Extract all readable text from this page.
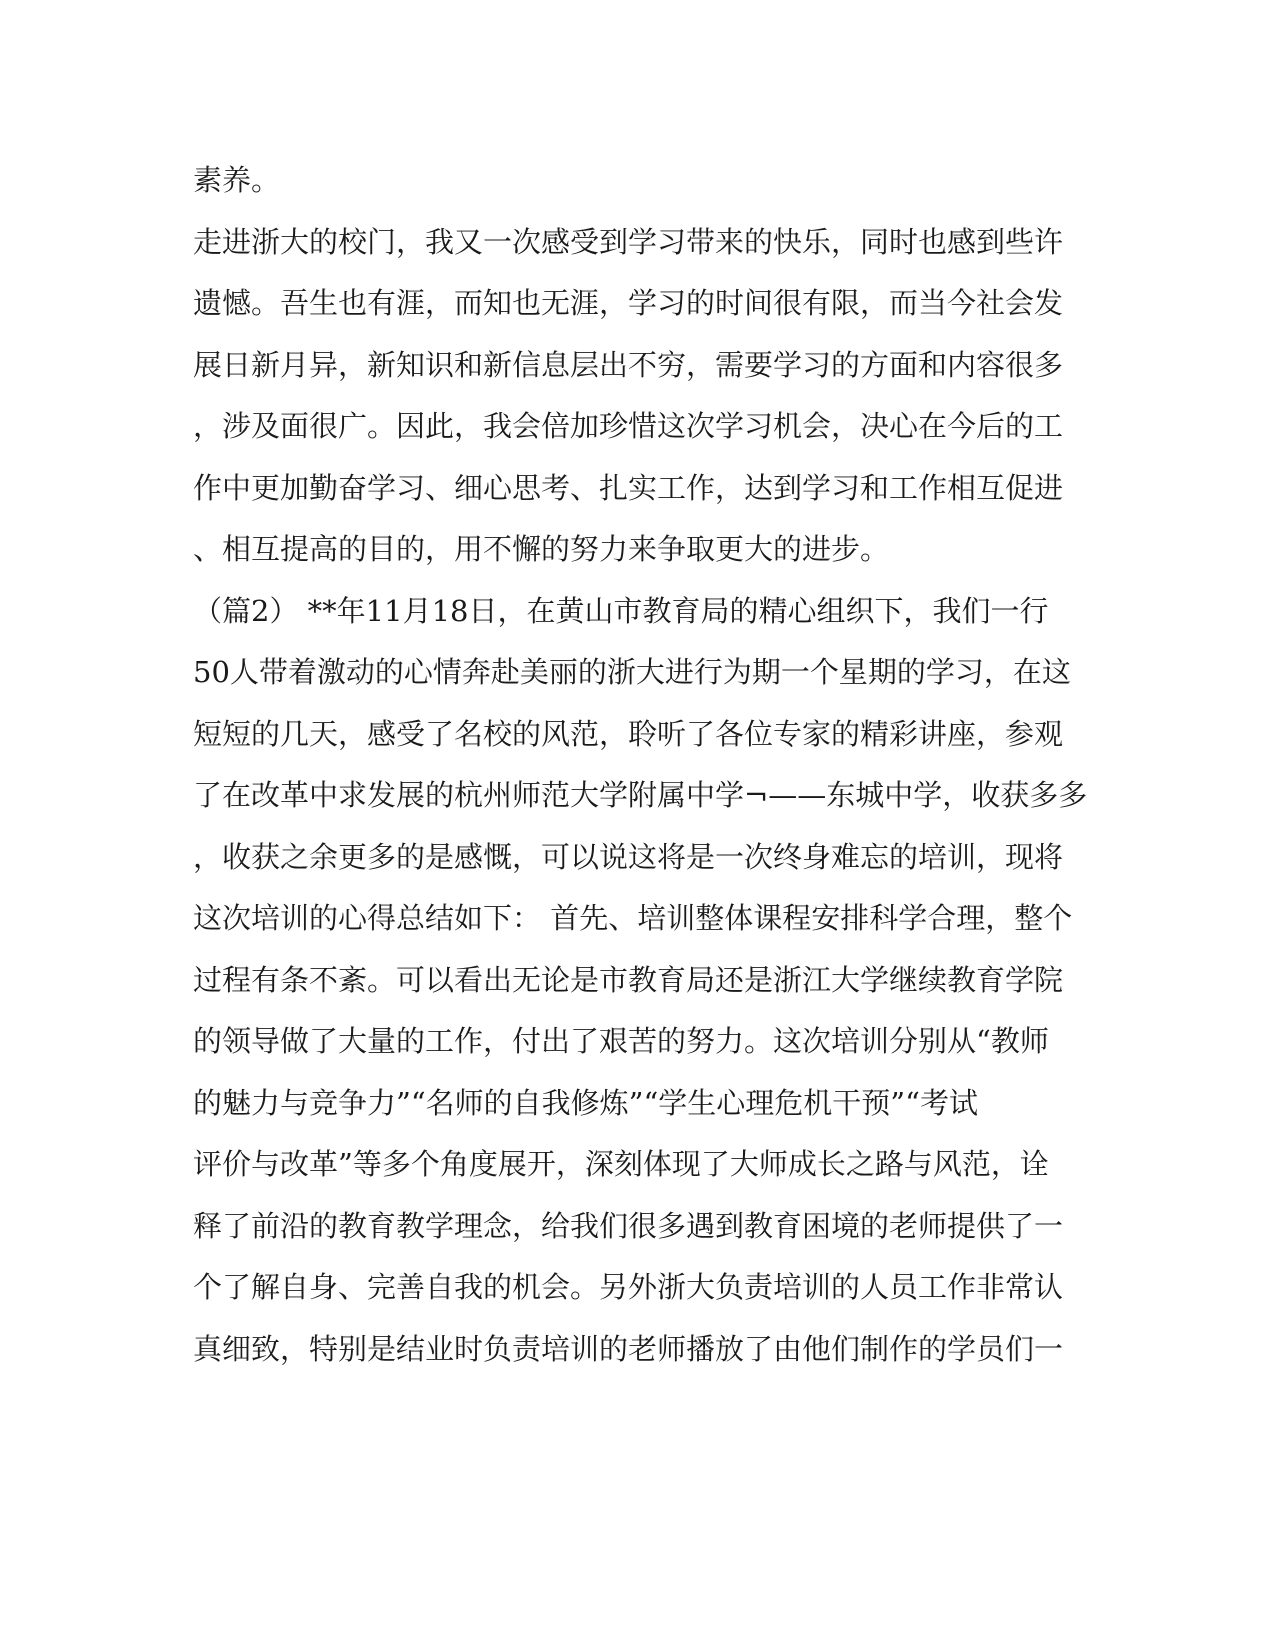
素养。
走进浙大的校门，我又一次感受到学习带来的快乐，同时也感到些许
遗憾。吾生也有涯，而知也无涯，学习的时间很有限，而当今社会发
展日新月异，新知识和新信息层出不穷，需要学习的方面和内容很多
，涉及面很广。因此，我会倍加珍惜这次学习机会，决心在今后的工
作中更加勤奋学习、细心思考、扎实工作，达到学习和工作相互促进
、相互提高的目的，用不懈的努力来争取更大的进步。
（篇2） **年11月18日，在黄山市教育局的精心组织下，我们一行
50人带着激动的心情奔赴美丽的浙大进行为期一个星期的学习，在这
短短的几天，感受了名校的风范，聆听了各位专家的精彩讲座，参观
了在改革中求发展的杭州师范大学附属中学¬——东城中学，收获多多
，收获之余更多的是感慨，可以说这将是一次终身难忘的培训，现将
这次培训的心得总结如下： 首先、培训整体课程安排科学合理，整个
过程有条不紊。可以看出无论是市教育局还是浙江大学继续教育学院
的领导做了大量的工作，付出了艰苦的努力。这次培训分别从“教师
的魅力与竞争力”“名师的自我修炼”“学生心理危机干预”“考试
评价与改革”等多个角度展开，深刻体现了大师成长之路与风范，诠
释了前沿的教育教学理念，给我们很多遇到教育困境的老师提供了一
个了解自身、完善自我的机会。另外浙大负责培训的人员工作非常认
真细致，特别是结业时负责培训的老师播放了由他们制作的学员们一
